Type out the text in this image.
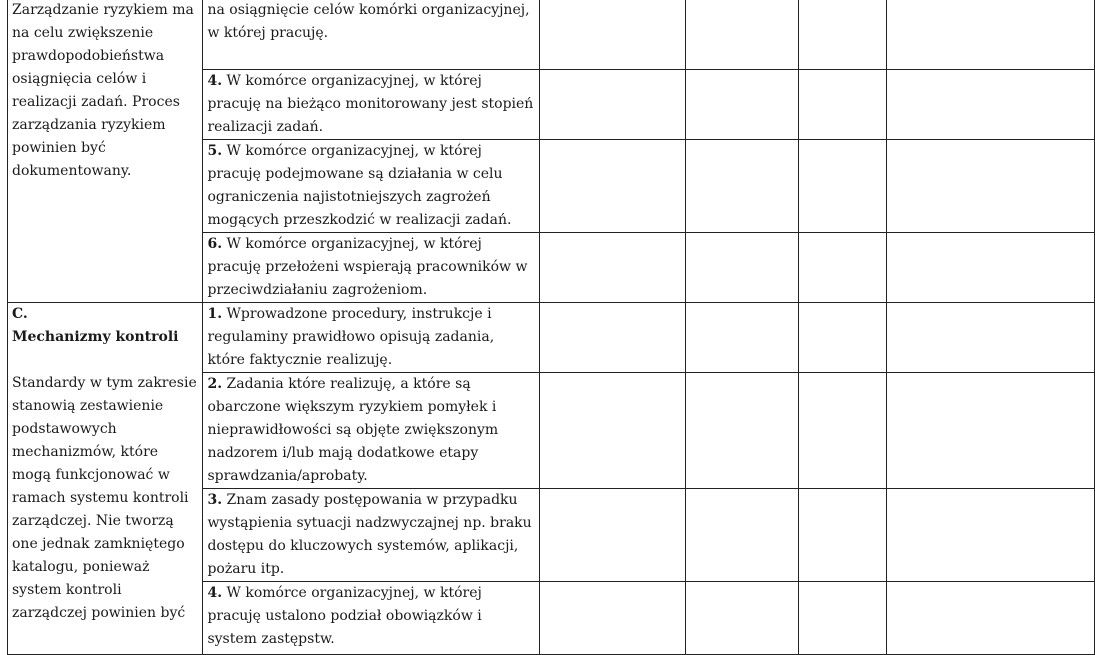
Zarządzanie ryzykiem ma na celu zwiększenie prawdopodobieństwa osiągnięcia celów i realizacji zadań. Proces zarządzania ryzykiem powinien być dokumentowany.	na osiągnięcie celów komórki organizacyjnej, w której pracuję.				
	4. W komórce organizacyjnej, w której pracuję na bieżąco monitorowany jest stopień realizacji zadań.				
	5. W komórce organizacyjnej, w której pracuję podejmowane są działania w celu ograniczenia najistotniejszych zagrożeń mogących przeszkodzić w realizacji zadań.				
	6. W komórce organizacyjnej, w której pracuję przełożeni wspierają pracowników w przeciwdziałaniu zagrożeniom.				

C.
Mechanizmy kontroli
Standardy w tym zakresie stanowią zestawienie podstawowych mechanizmów, które mogą funkcjonować w ramach systemu kontroli zarządczej. Nie tworzą one jednak zamkniętego katalogu, ponieważ system kontroli zarządczej powinien być	1. Wprowadzone procedury, instrukcje i regulaminy prawidłowo opisują zadania, które faktycznie realizuję.				
	2. Zadania które realizuję, a które są obarczone większym ryzykiem pomyłek i nieprawidłowości są objęte zwiększonym nadzorem i/lub mają dodatkowe etapy sprawdzania/aprobaty.				
	3. Znam zasady postępowania w przypadku wystąpienia sytuacji nadzwyczajnej np. braku dostępu do kluczowych systemów, aplikacji, pożaru itp.				
	4. W komórce organizacyjnej, w której pracuję ustalono podział obowiązków i system zastępstw.				
